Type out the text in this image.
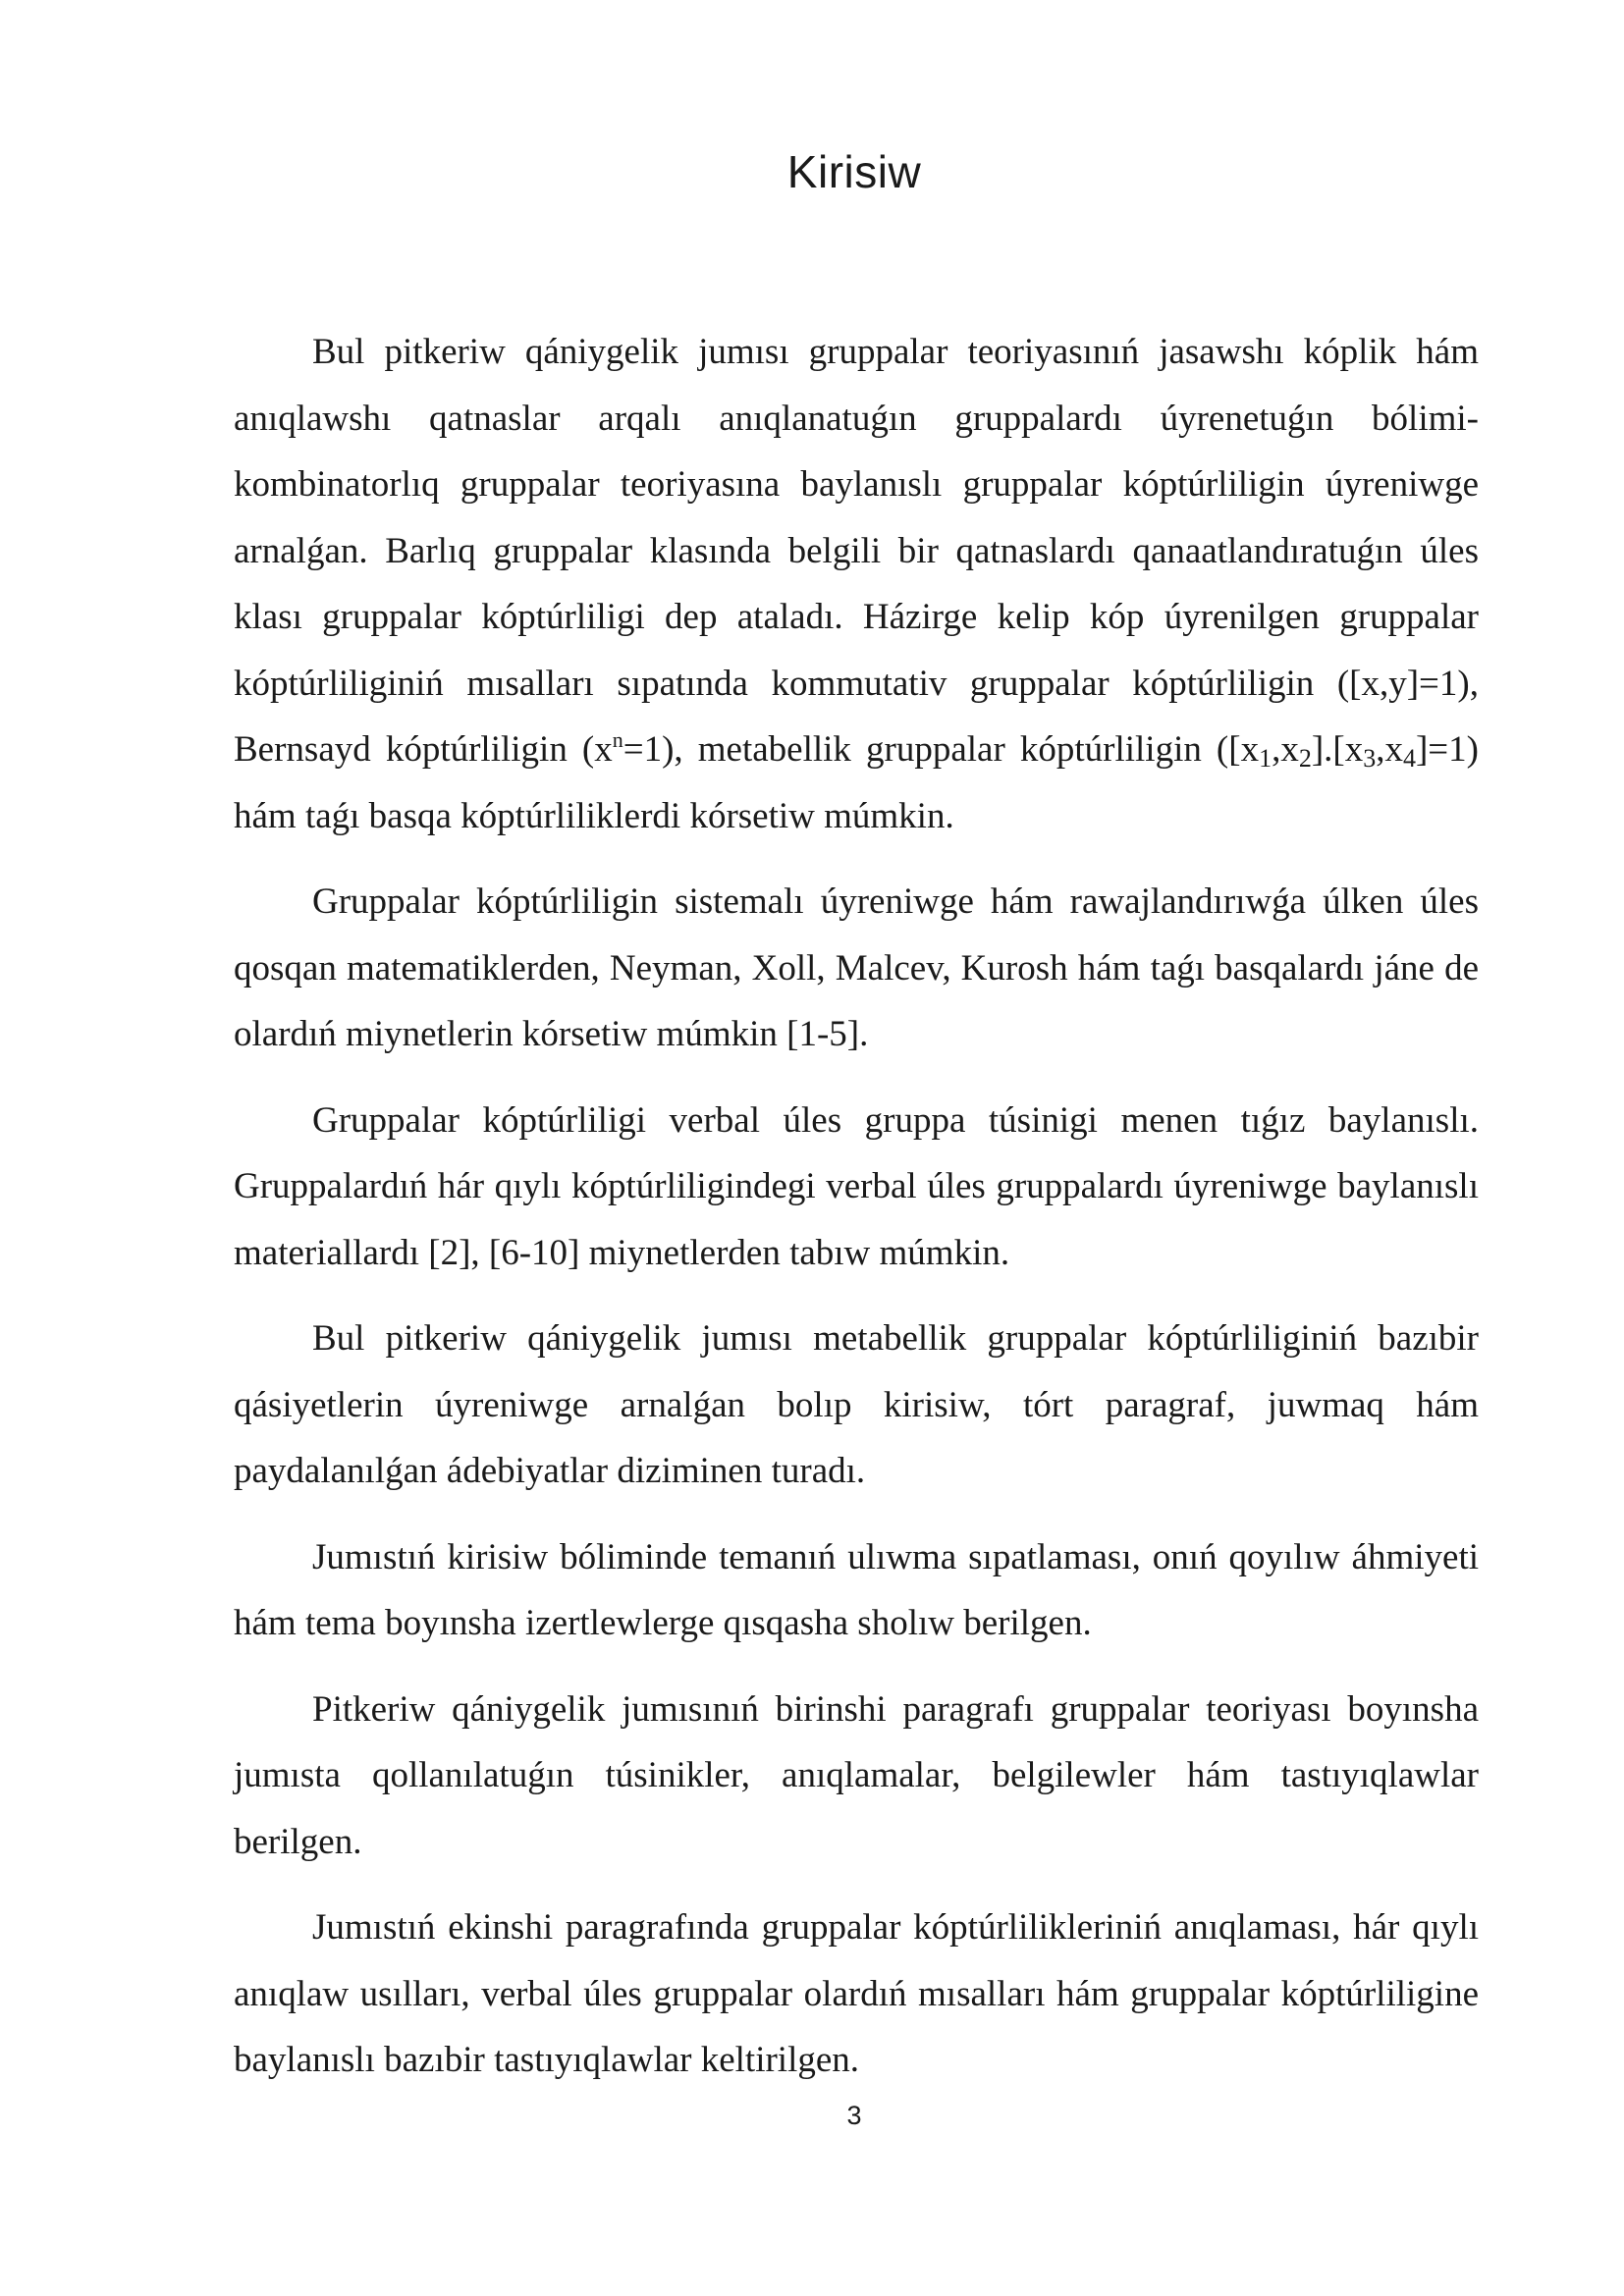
Kirisiw

Bul pitkeriw qániygelik jumısı gruppalar teoriyasınıń jasawshı kóplik hám anıqlawshı qatnaslar arqalı anıqlanatuǵın gruppalardı úyrenetuǵın bólimi-kombinatorlıq gruppalar teoriyasına baylanıslı gruppalar kóptúrliligin úyreniwge arnalǵan. Barlıq gruppalar klasında belgili bir qatnaslardı qanaatlandıratuǵın úles klası gruppalar kóptúrliligi dep ataladı. Házirge kelip kóp úyrenilgen gruppalar kóptúrliliginiń mısalları sıpatında kommutativ gruppalar kóptúrliligin ([x,y]=1), Bernsayd kóptúrliligin $(x^n=1)$, metabellik gruppalar kóptúrliligin $([x_1,x_2].[x_3,x_4]=1)$ hám taǵı basqa kóptúrliliklerdi kórsetiw múmkin.

Gruppalar kóptúrliligin sistemalı úyreniwge hám rawajlandırıwǵa úlken úles qosqan matematiklerden, Neyman, Xoll, Malcev, Kurosh hám taǵı basqalardı jáne de olardıń miynetlerin kórsetiw múmkin [1-5].

Gruppalar kóptúrliligi verbal úles gruppa túsinigi menen tıǵız baylanıslı. Gruppalardıń hár qıylı kóptúrliligindegi verbal úles gruppalardı úyreniwge baylanıslı materiallardı [2], [6-10] miynetlerden tabıw múmkin.

Bul pitkeriw qániygelik jumısı metabellik gruppalar kóptúrliliginiń bazıbir qásiyetlerin úyreniwge arnalǵan bolıp kirisiw, tórt paragraf, juwmaq hám paydalanılǵan ádebiyatlar diziminen turadı.

Jumıstıń kirisiw bóliminde temanıń ulıwma sıpatlaması, onıń qoyılıw áhmiyeti hám tema boyınsha izertlewlerge qısqasha sholıw berilgen.

Pitkeriw qániygelik jumısınıń birinshi paragrafı gruppalar teoriyası boyınsha jumısta qollanılatuǵın túsinikler, anıqlamalar, belgilewler hám tastıyıqlawlar berilgen.

Jumıstıń ekinshi paragrafında gruppalar kóptúrlilikleriniń anıqlaması, hár qıylı anıqlaw usılları, verbal úles gruppalar olardıń mısalları hám gruppalar kóptúrliligine baylanıslı bazıbir tastıyıqlawlar keltirilgen.

3
